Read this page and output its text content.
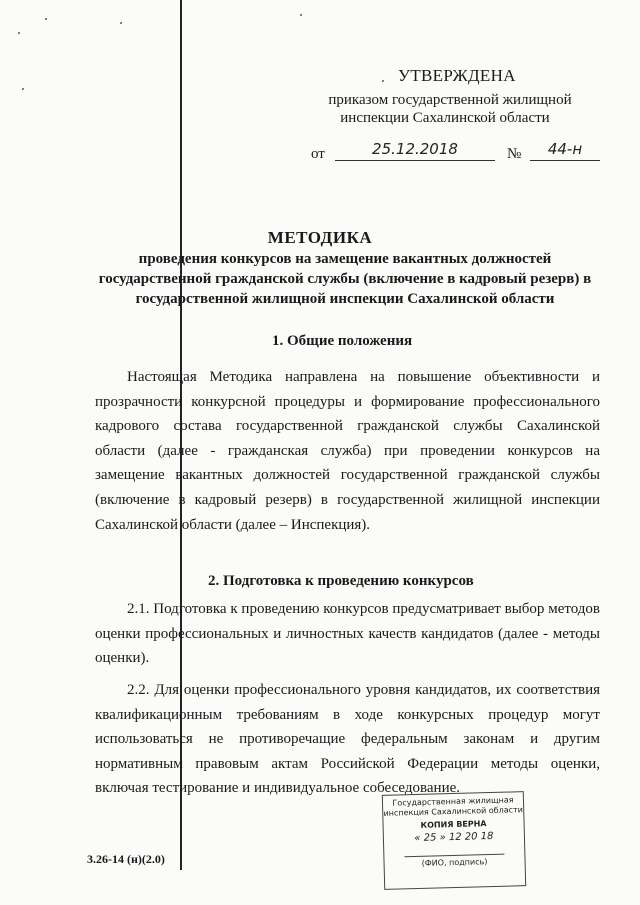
УТВЕРЖДЕНА
приказом государственной жилищной
инспекции Сахалинской области
от	25.12.2018	№	44-н
МЕТОДИКА
проведения конкурсов на замещение вакантных должностей
государственной гражданской службы (включение в кадровый резерв) в
государственной жилищной инспекции Сахалинской области
1. Общие положения
Настоящая Методика направлена на повышение объективности и прозрачности конкурсной процедуры и формирование профессионального кадрового состава государственной гражданской службы Сахалинской области (далее - гражданская служба) при проведении конкурсов на замещение вакантных должностей государственной гражданской службы (включение в кадровый резерв) в государственной жилищной инспекции Сахалинской области (далее – Инспекция).
2. Подготовка к проведению конкурсов
2.1. Подготовка к проведению конкурсов предусматривает выбор методов оценки профессиональных и личностных качеств кандидатов (далее - методы оценки).
2.2. Для оценки профессионального уровня кандидатов, их соответствия квалификационным требованиям в ходе конкурсных процедур могут использоваться не противоречащие федеральным законам и другим нормативным правовым актам Российской Федерации методы оценки, включая тестирование и индивидуальное собеседование.
Государственная жилищная
инспекция Сахалинской области
КОПИЯ ВЕРНА
« 25 » 12 20 18

(ФИО, подпись)
3.26-14 (н)(2.0)
